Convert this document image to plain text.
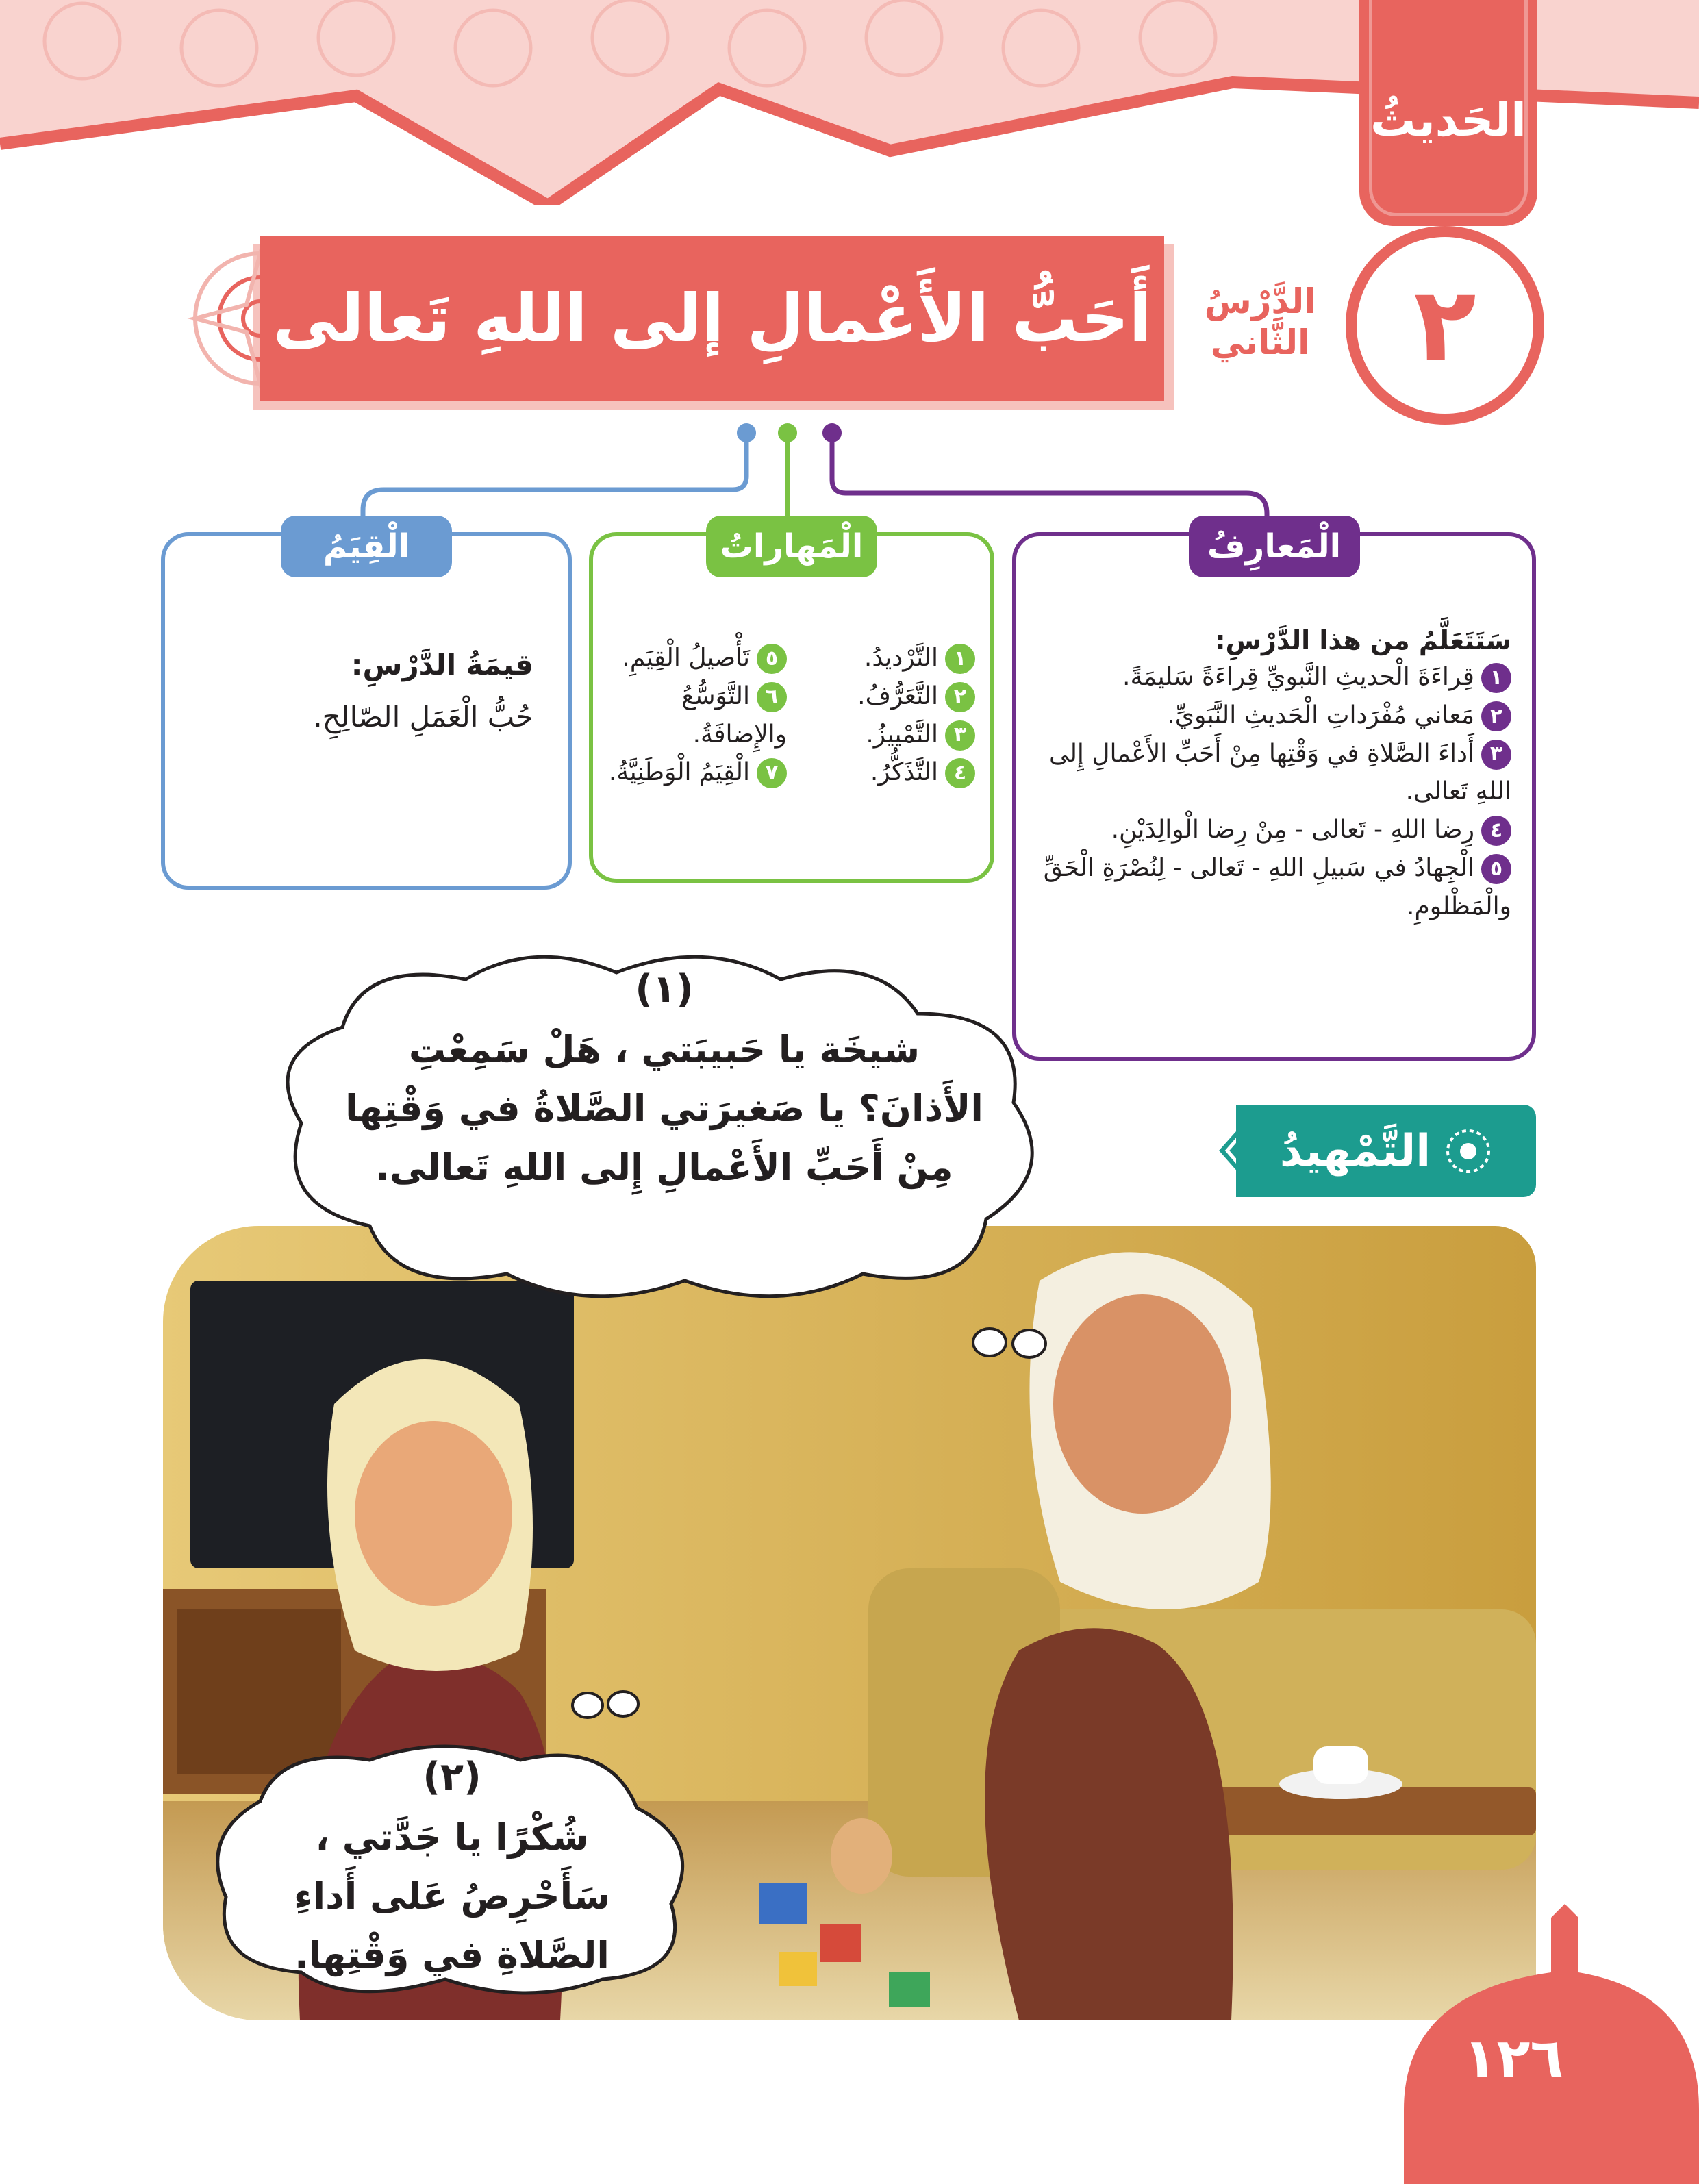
الحَديثُ
أَحَبُّ الأَعْمالِ إلى اللهِ تَعالى الدَّرْسُ
الثَّاني ٢
الْمَعارِفُ
سَتَتَعَلَّمُ من هذا الدَّرْسِ:
١قِراءَةَ الْحديثِ النَّبويِّ قِراءَةً سَليمَةً.
٢مَعاني مُفْرَداتِ الْحَديثِ النَّبَويِّ.
٣أَداءَ الصَّلاةِ في وَقْتِها مِنْ أَحَبِّ الأَعْمالِ إِلى اللهِ تَعالى.
٤رِضا اللهِ - تَعالى - مِنْ رِضا الْوالِدَيْنِ.
٥الْجِهادُ في سَبيلِ اللهِ - تَعالى - لِنُصْرَةِ الْحَقِّ والْمَظْلومِ.
الْمَهاراتُ
١التَّرْديدُ.
٢التَّعَرُّفُ.
٣التَّمْييزُ.
٤التَّذَكُّرُ.
٥تَأْصيلُ الْقِيَمِ.
٦التَّوَسُّعُ والإِضافَةُ.
٧الْقِيَمُ الْوَطَنِيَّةُ.
الْقِيَمُ
قيمَةُ الدَّرْسِ:
حُبُّ الْعَمَلِ الصّالِحِ.
التَّمْهيدُ
(١)
شيخَة يا حَبيبَتي ، هَلْ سَمِعْتِ الأَذانَ؟ يا صَغيرَتي الصَّلاةُ في وَقْتِها مِنْ أَحَبِّ الأَعْمالِ إِلى اللهِ تَعالى.
(٢)
شُكْرًا يا جَدَّتي ، سَأَحْرِصُ عَلى أَداءِ الصَّلاةِ في وَقْتِها.
١٢٦
